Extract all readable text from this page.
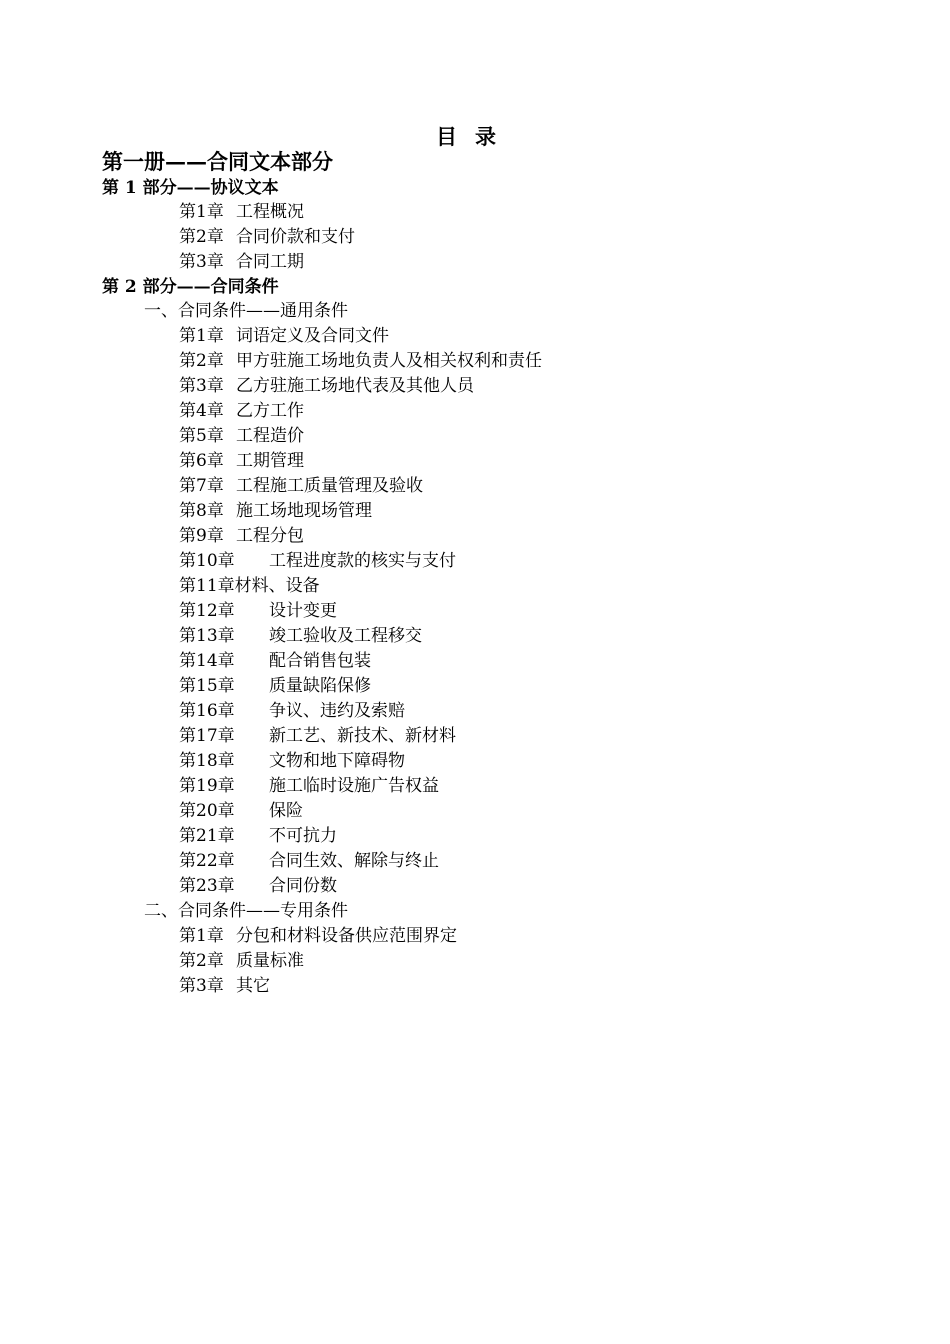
目录
第一册——合同文本部分
第 1 部分——协议文本
第1章 工程概况
第2章 合同价款和支付
第3章 合同工期
第 2 部分——合同条件
一、合同条件——通用条件
第1章 词语定义及合同文件
第2章 甲方驻施工场地负责人及相关权利和责任
第3章 乙方驻施工场地代表及其他人员
第4章 乙方工作
第5章 工程造价
第6章 工期管理
第7章 工程施工质量管理及验收
第8章 施工场地现场管理
第9章 工程分包
第10章 工程进度款的核实与支付
第11章材料、设备
第12章 设计变更
第13章 竣工验收及工程移交
第14章 配合销售包装
第15章 质量缺陷保修
第16章 争议、违约及索赔
第17章 新工艺、新技术、新材料
第18章 文物和地下障碍物
第19章 施工临时设施广告权益
第20章 保险
第21章 不可抗力
第22章 合同生效、解除与终止
第23章 合同份数
二、合同条件——专用条件
第1章 分包和材料设备供应范围界定
第2章 质量标准
第3章 其它
